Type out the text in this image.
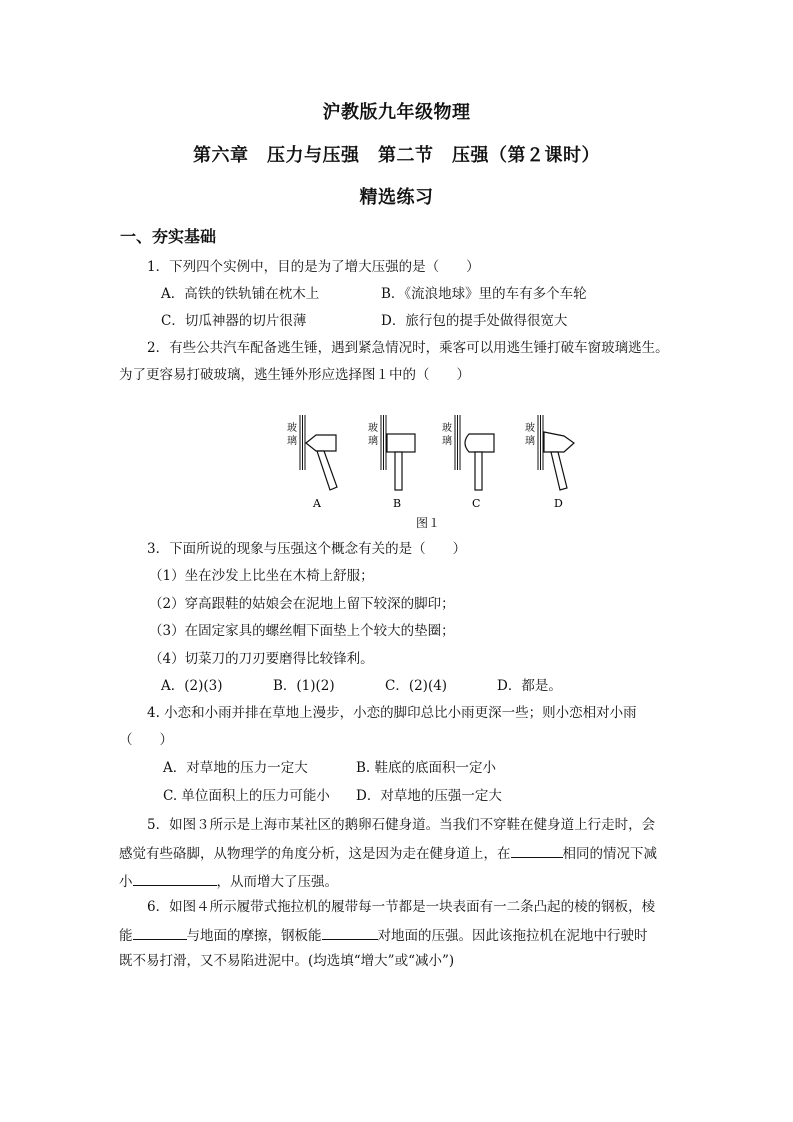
沪教版九年级物理
第六章　压力与压强　第二节　压强（第２课时）
精选练习
一、夯实基础
1．下列四个实例中，目的是为了增大压强的是（　　）
A．高铁的铁轨铺在枕木上	B．《流浪地球》里的车有多个车轮
C．切瓜神器的切片很薄	D．旅行包的提手处做得很宽大
2．有些公共汽车配备逃生锤，遇到紧急情况时，乘客可以用逃生锤打破车窗玻璃逃生。
为了更容易打破玻璃，逃生锤外形应选择图１中的（　　）
玻
璃
A
玻
璃
B
玻
璃
C
玻
璃
D
图１
3．下面所说的现象与压强这个概念有关的是（　　）
（1）坐在沙发上比坐在木椅上舒服；
（2）穿高跟鞋的姑娘会在泥地上留下较深的脚印；
（3）在固定家具的螺丝帽下面垫上个较大的垫圈；
（4）切菜刀的刀刃要磨得比较锋利。
A．(2)(3)	B．(1)(2)	C．(2)(4)	D．都是。
4. 小恋和小雨并排在草地上漫步，小恋的脚印总比小雨更深一些；则小恋相对小雨
（　　）
A．对草地的压力一定大	B. 鞋底的底面积一定小
C. 单位面积上的压力可能小 D．对草地的压强一定大
5．如图３所示是上海市某社区的鹅卵石健身道。当我们不穿鞋在健身道上行走时，会
感觉有些硌脚，从物理学的角度分析，这是因为走在健身道上，在	相同的情况下减
小	，从而增大了压强。
6．如图４所示履带式拖拉机的履带每一节都是一块表面有一二条凸起的棱的钢板，棱
能	与地面的摩擦，钢板能	对地面的压强。因此该拖拉机在泥地中行驶时
既不易打滑，又不易陷进泥中。(均选填“增大”或“减小”)
